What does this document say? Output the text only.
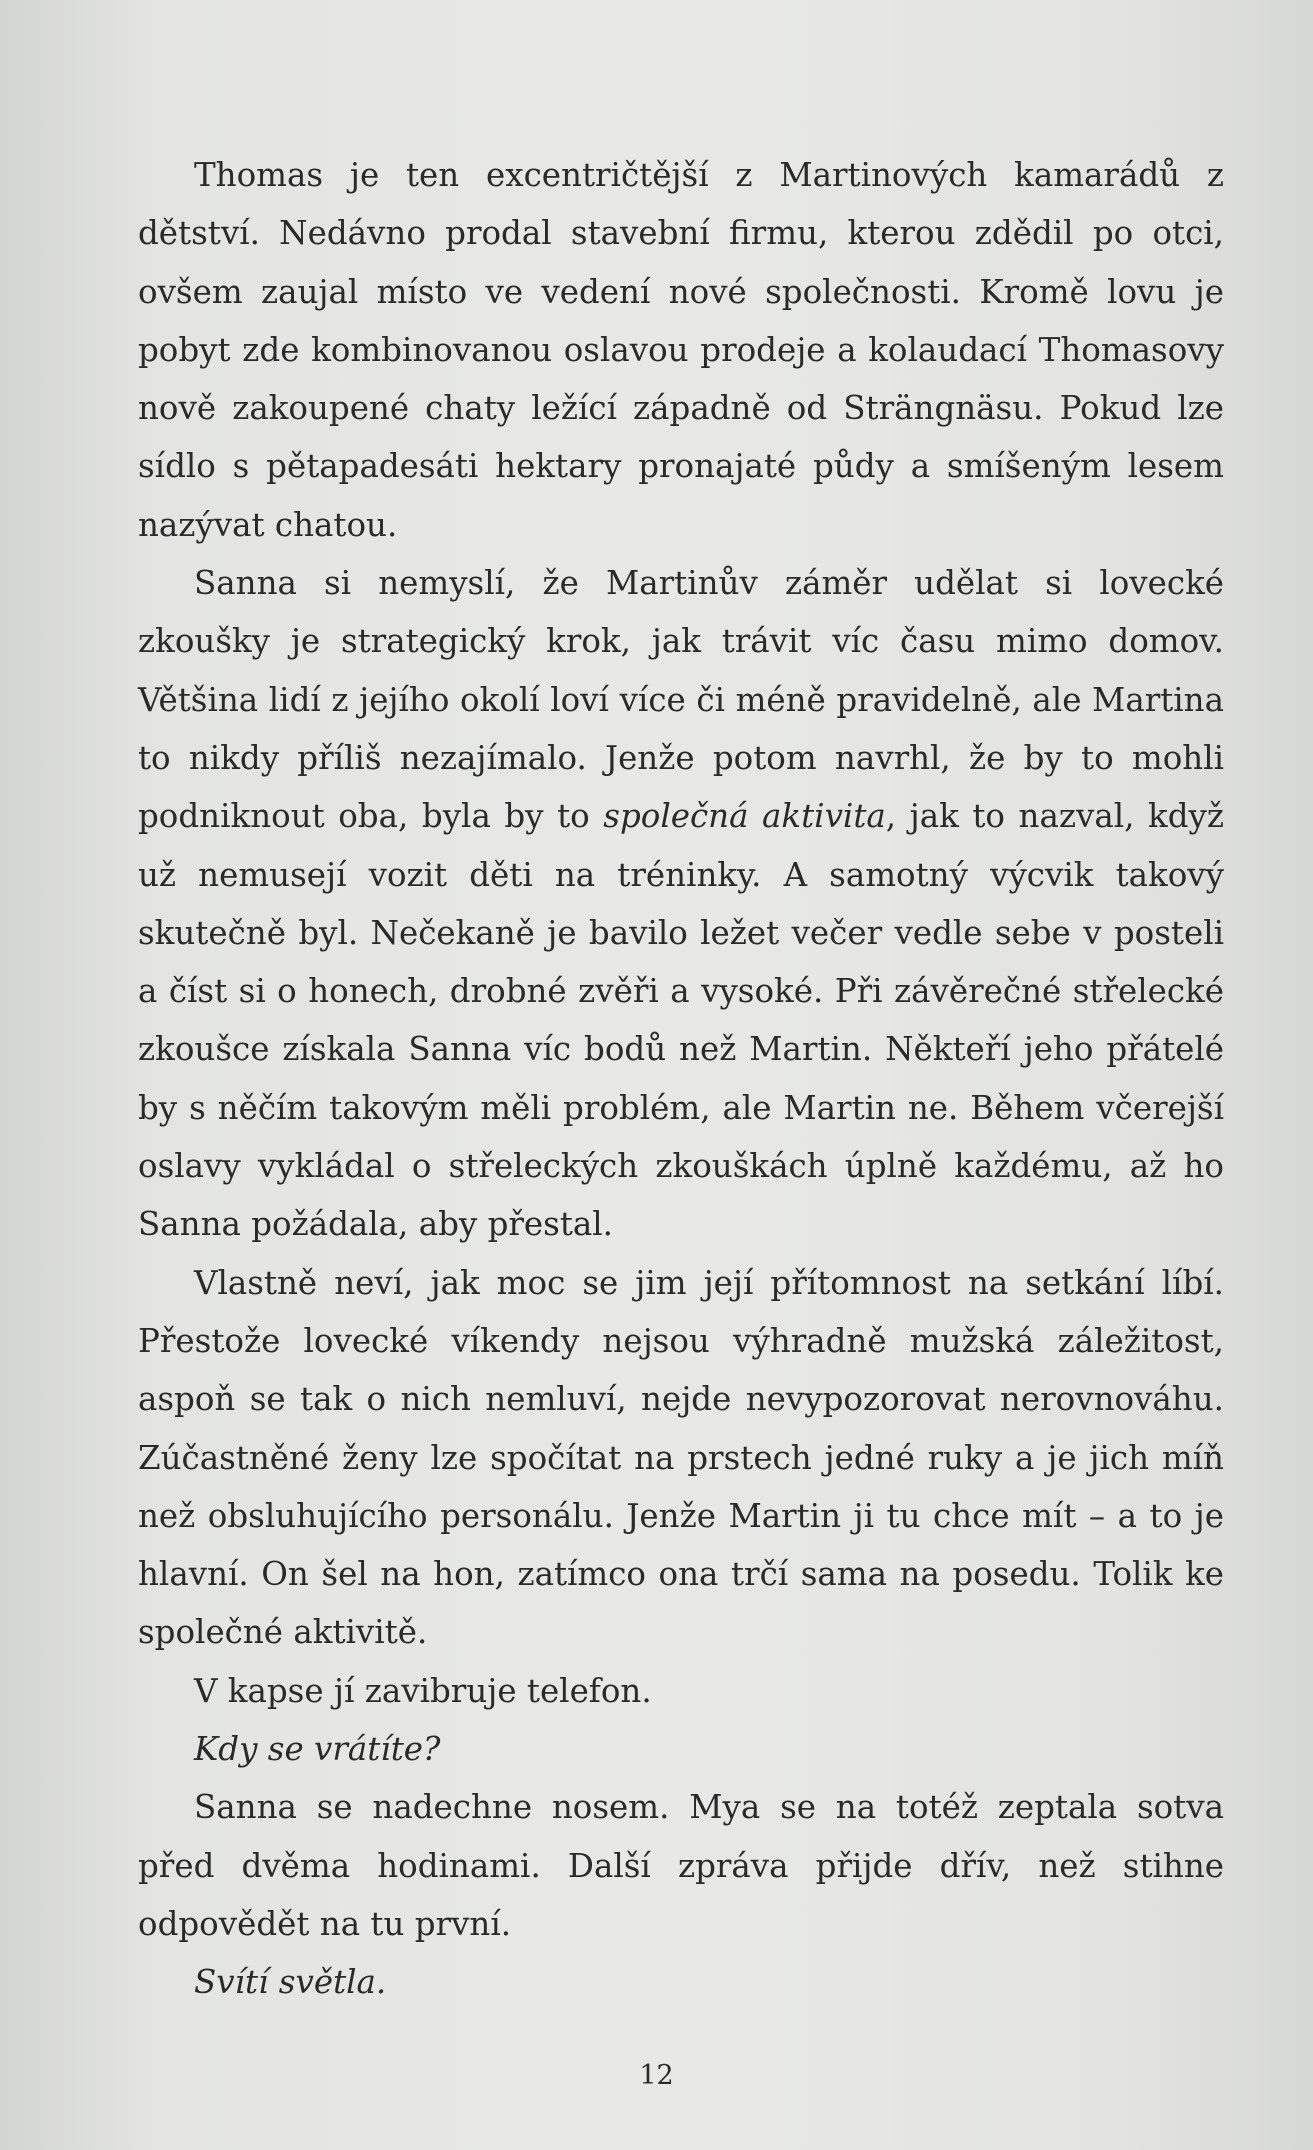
Thomas je ten excentričtější z Martinových kamarádů z dětství. Nedávno prodal stavební firmu, kterou zdědil po otci, ovšem zaujal místo ve vedení nové společnosti. Kromě lovu je pobyt zde kombinovanou oslavou prodeje a kolaudací Thomasovy nově zakoupené chaty ležící západně od Strängnäsu. Pokud lze sídlo s pětapadesáti hektary pronajaté půdy a smíšeným lesem nazývat chatou.

Sanna si nemyslí, že Martinův záměr udělat si lovecké zkoušky je strategický krok, jak trávit víc času mimo domov. Většina lidí z jejího okolí loví více či méně pravidelně, ale Martina to nikdy příliš nezajímalo. Jenže potom navrhl, že by to mohli podniknout oba, byla by to společná aktivita, jak to nazval, když už nemusejí vozit děti na tréninky. A samotný výcvik takový skutečně byl. Nečekaně je bavilo ležet večer vedle sebe v posteli a číst si o honech, drobné zvěři a vysoké. Při závěrečné střelecké zkoušce získala Sanna víc bodů než Martin. Někteří jeho přátelé by s něčím takovým měli problém, ale Martin ne. Během včerejší oslavy vykládal o střeleckých zkouškách úplně každému, až ho Sanna požádala, aby přestal.

Vlastně neví, jak moc se jim její přítomnost na setkání líbí. Přestože lovecké víkendy nejsou výhradně mužská záležitost, aspoň se tak o nich nemluví, nejde nevypozorovat nerovnováhu. Zúčastněné ženy lze spočítat na prstech jedné ruky a je jich míň než obsluhujícího personálu. Jenže Martin ji tu chce mít – a to je hlavní. On šel na hon, zatímco ona trčí sama na posedu. Tolik ke společné aktivitě.

V kapse jí zavibruje telefon.

Kdy se vrátíte?

Sanna se nadechne nosem. Mya se na totéž zeptala sotva před dvěma hodinami. Další zpráva přijde dřív, než stihne odpovědět na tu první.

Svítí světla.

12
